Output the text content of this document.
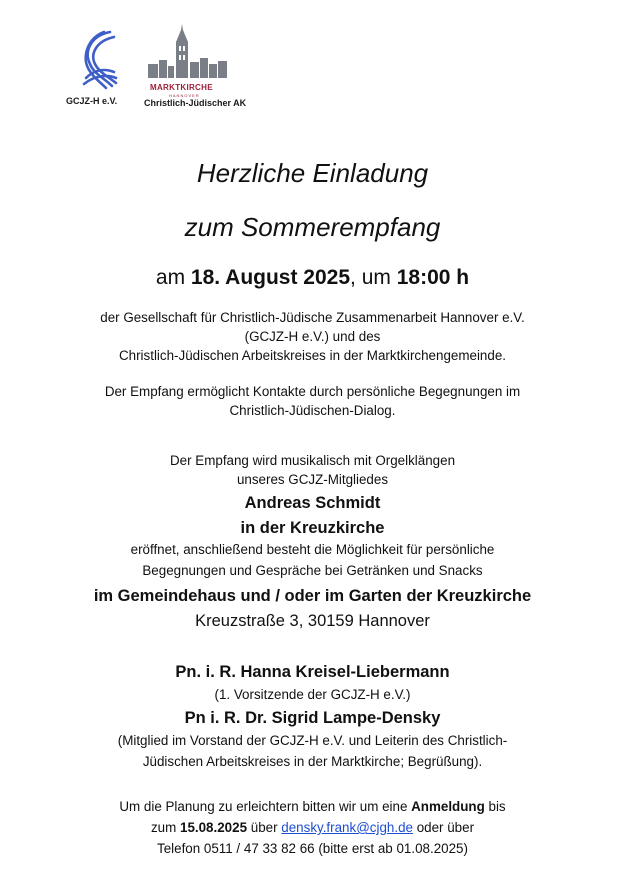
GCJZ-H e.V.
MARKTKIRCHE
HANNOVER
Christlich-Jüdischer AK
Herzliche Einladung
zum Sommerempfang
am 18. August 2025, um 18:00 h
der Gesellschaft für Christlich-Jüdische Zusammenarbeit Hannover e.V.
(GCJZ-H e.V.) und des
Christlich-Jüdischen Arbeitskreises in der Marktkirchengemeinde.
Der Empfang ermöglicht Kontakte durch persönliche Begegnungen im
Christlich-Jüdischen-Dialog.
Der Empfang wird musikalisch mit Orgelklängen
unseres GCJZ-Mitgliedes
Andreas Schmidt
in der Kreuzkirche
eröffnet, anschließend besteht die Möglichkeit für persönliche
Begegnungen und Gespräche bei Getränken und Snacks
im Gemeindehaus und / oder im Garten der Kreuzkirche
Kreuzstraße 3, 30159 Hannover
Pn. i. R. Hanna Kreisel-Liebermann
(1. Vorsitzende der GCJZ-H e.V.)
Pn i. R. Dr. Sigrid Lampe-Densky
(Mitglied im Vorstand der GCJZ-H e.V. und Leiterin des Christlich-
Jüdischen Arbeitskreises in der Marktkirche; Begrüßung).
Um die Planung zu erleichtern bitten wir um eine Anmeldung bis
zum 15.08.2025 über densky.frank@cjgh.de oder über
Telefon 0511 / 47 33 82 66 (bitte erst ab 01.08.2025)
